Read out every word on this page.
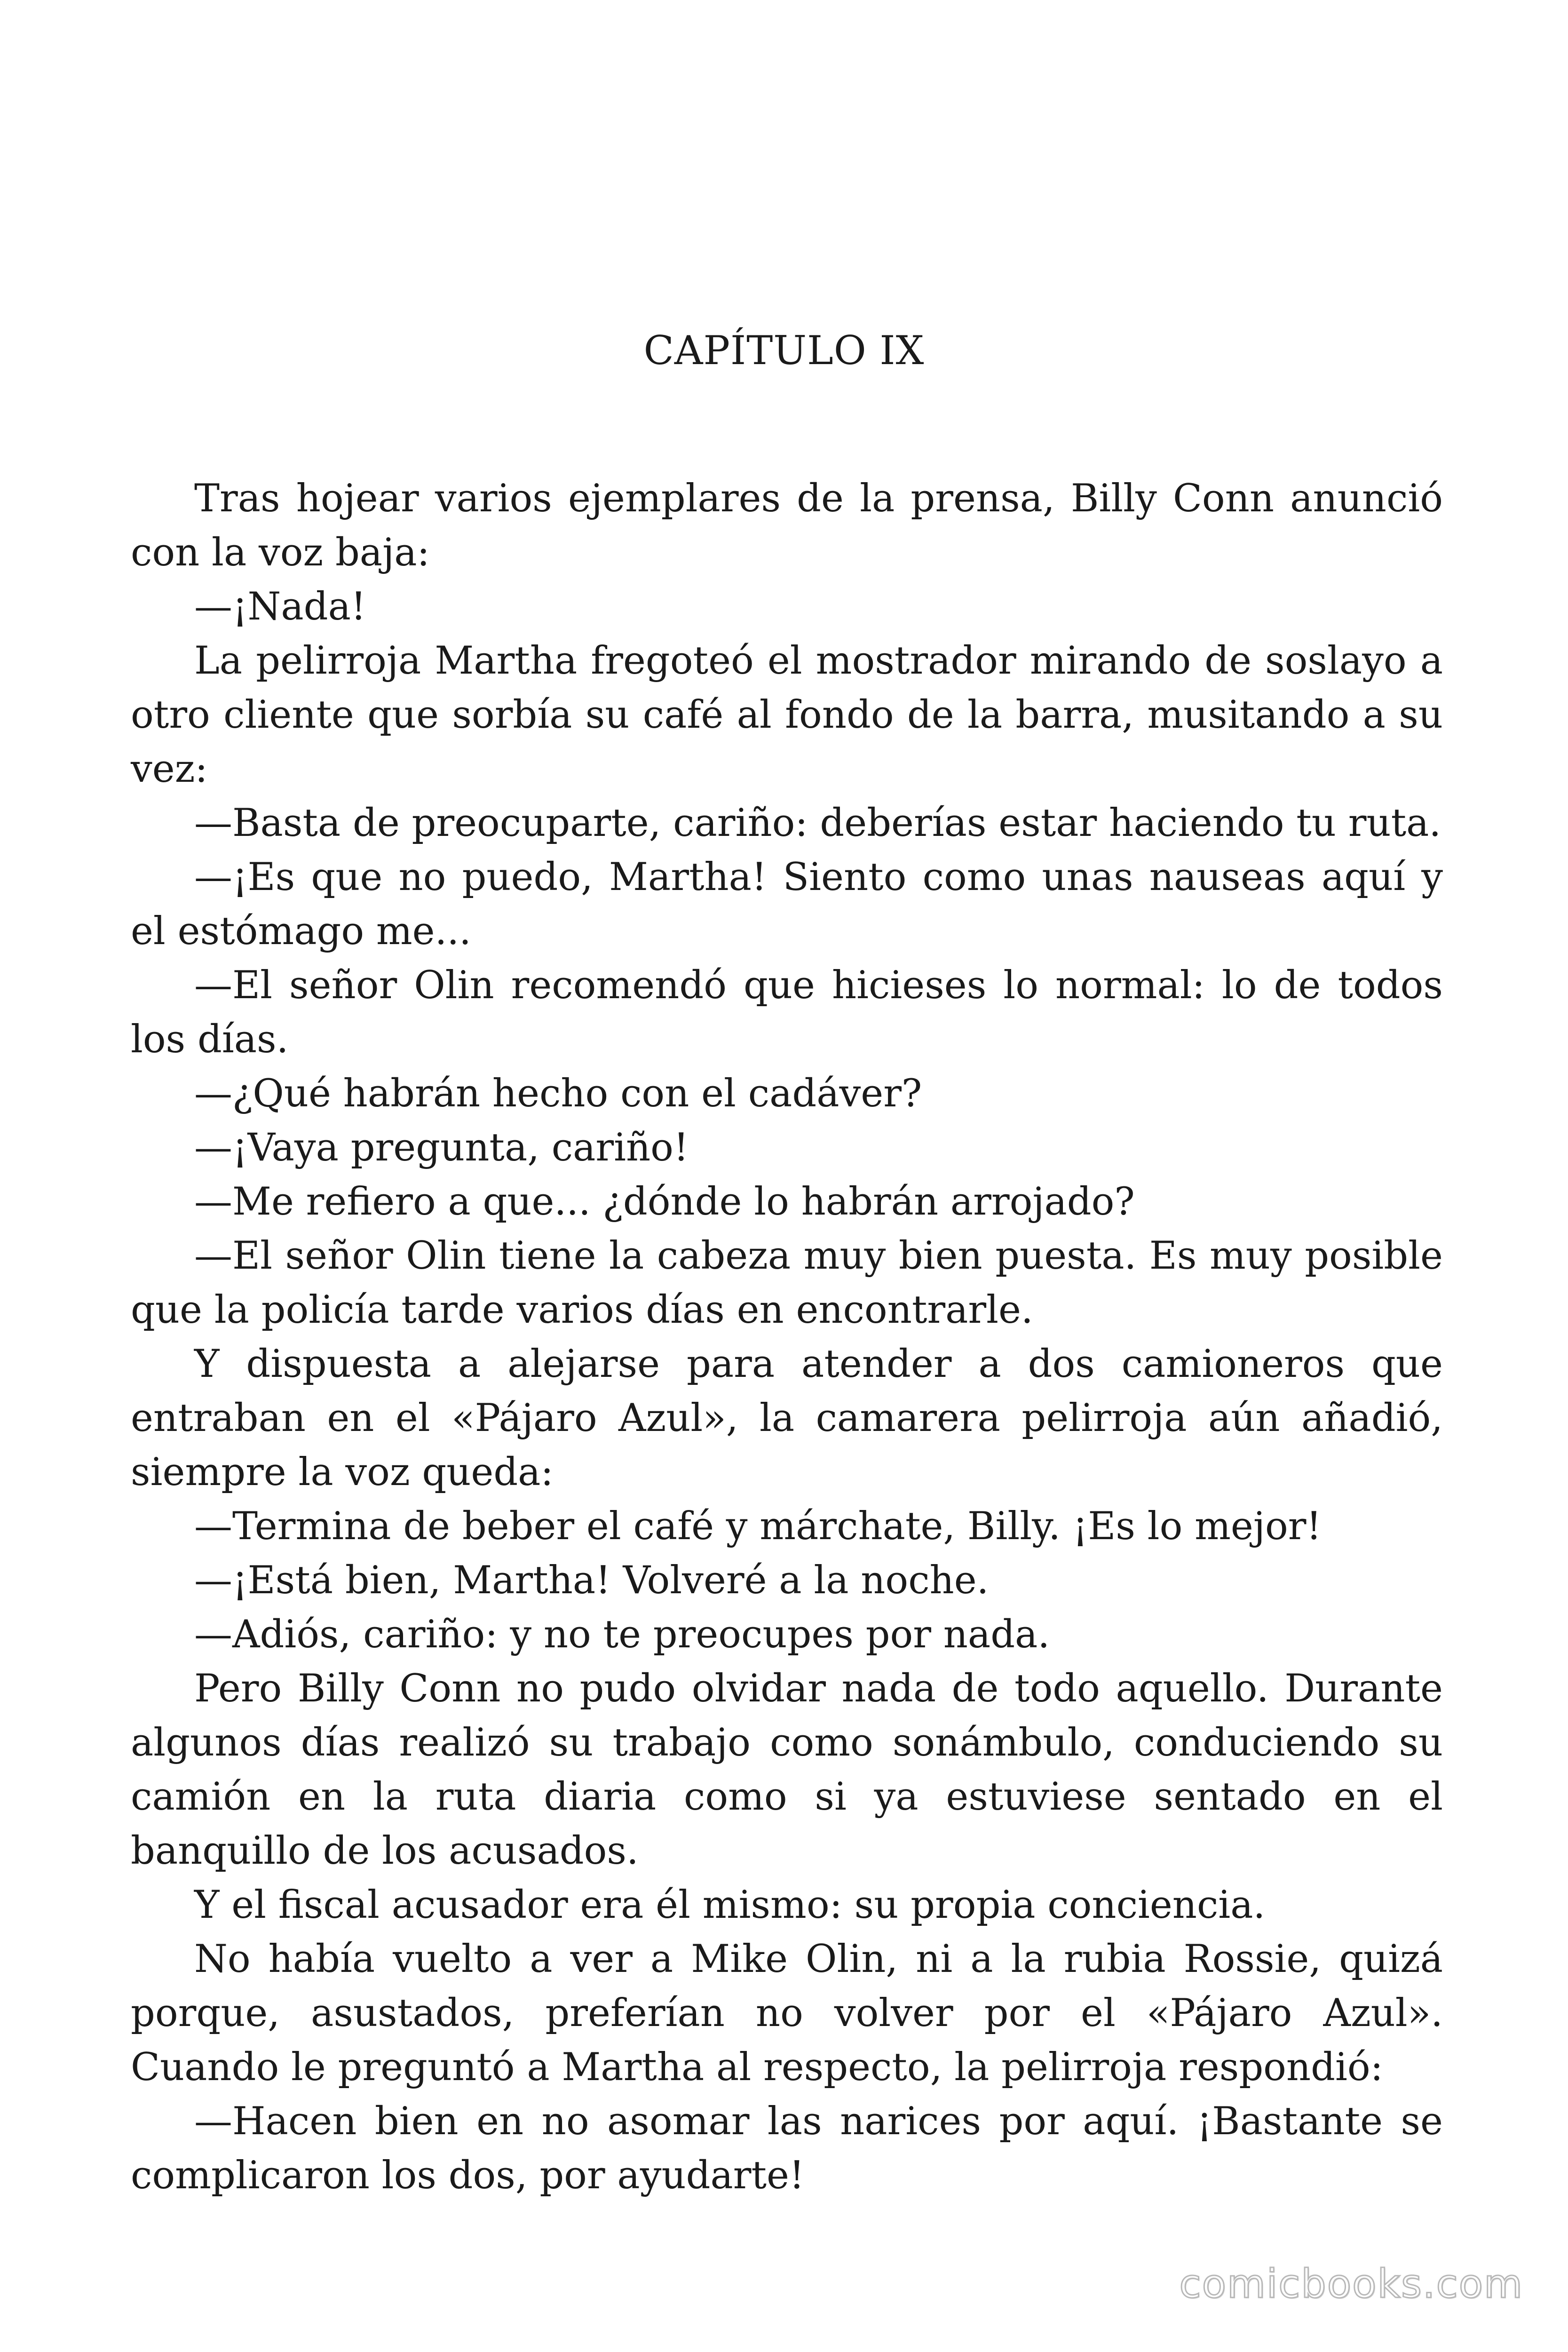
CAPÍTULO IX

Tras hojear varios ejemplares de la prensa, Billy Conn anunció con la voz baja:

—¡Nada!

La pelirroja Martha fregoteó el mostrador mirando de soslayo a otro cliente que sorbía su café al fondo de la barra, musitando a su vez:

—Basta de preocuparte, cariño: deberías estar haciendo tu ruta.

—¡Es que no puedo, Martha! Siento como unas nauseas aquí y el estómago me...

—El señor Olin recomendó que hicieses lo normal: lo de todos los días.

—¿Qué habrán hecho con el cadáver?

—¡Vaya pregunta, cariño!

—Me refiero a que... ¿dónde lo habrán arrojado?

—El señor Olin tiene la cabeza muy bien puesta. Es muy posible que la policía tarde varios días en encontrarle.

Y dispuesta a alejarse para atender a dos camioneros que entraban en el «Pájaro Azul», la camarera pelirroja aún añadió, siempre la voz queda:

—Termina de beber el café y márchate, Billy. ¡Es lo mejor!

—¡Está bien, Martha! Volveré a la noche.

—Adiós, cariño: y no te preocupes por nada.

Pero Billy Conn no pudo olvidar nada de todo aquello. Durante algunos días realizó su trabajo como sonámbulo, conduciendo su camión en la ruta diaria como si ya estuviese sentado en el banquillo de los acusados.

Y el fiscal acusador era él mismo: su propia conciencia.

No había vuelto a ver a Mike Olin, ni a la rubia Rossie, quizá porque, asustados, preferían no volver por el «Pájaro Azul». Cuando le preguntó a Martha al respecto, la pelirroja respondió:

—Hacen bien en no asomar las narices por aquí. ¡Bastante se complicaron los dos, por ayudarte!

comicbooks.com
